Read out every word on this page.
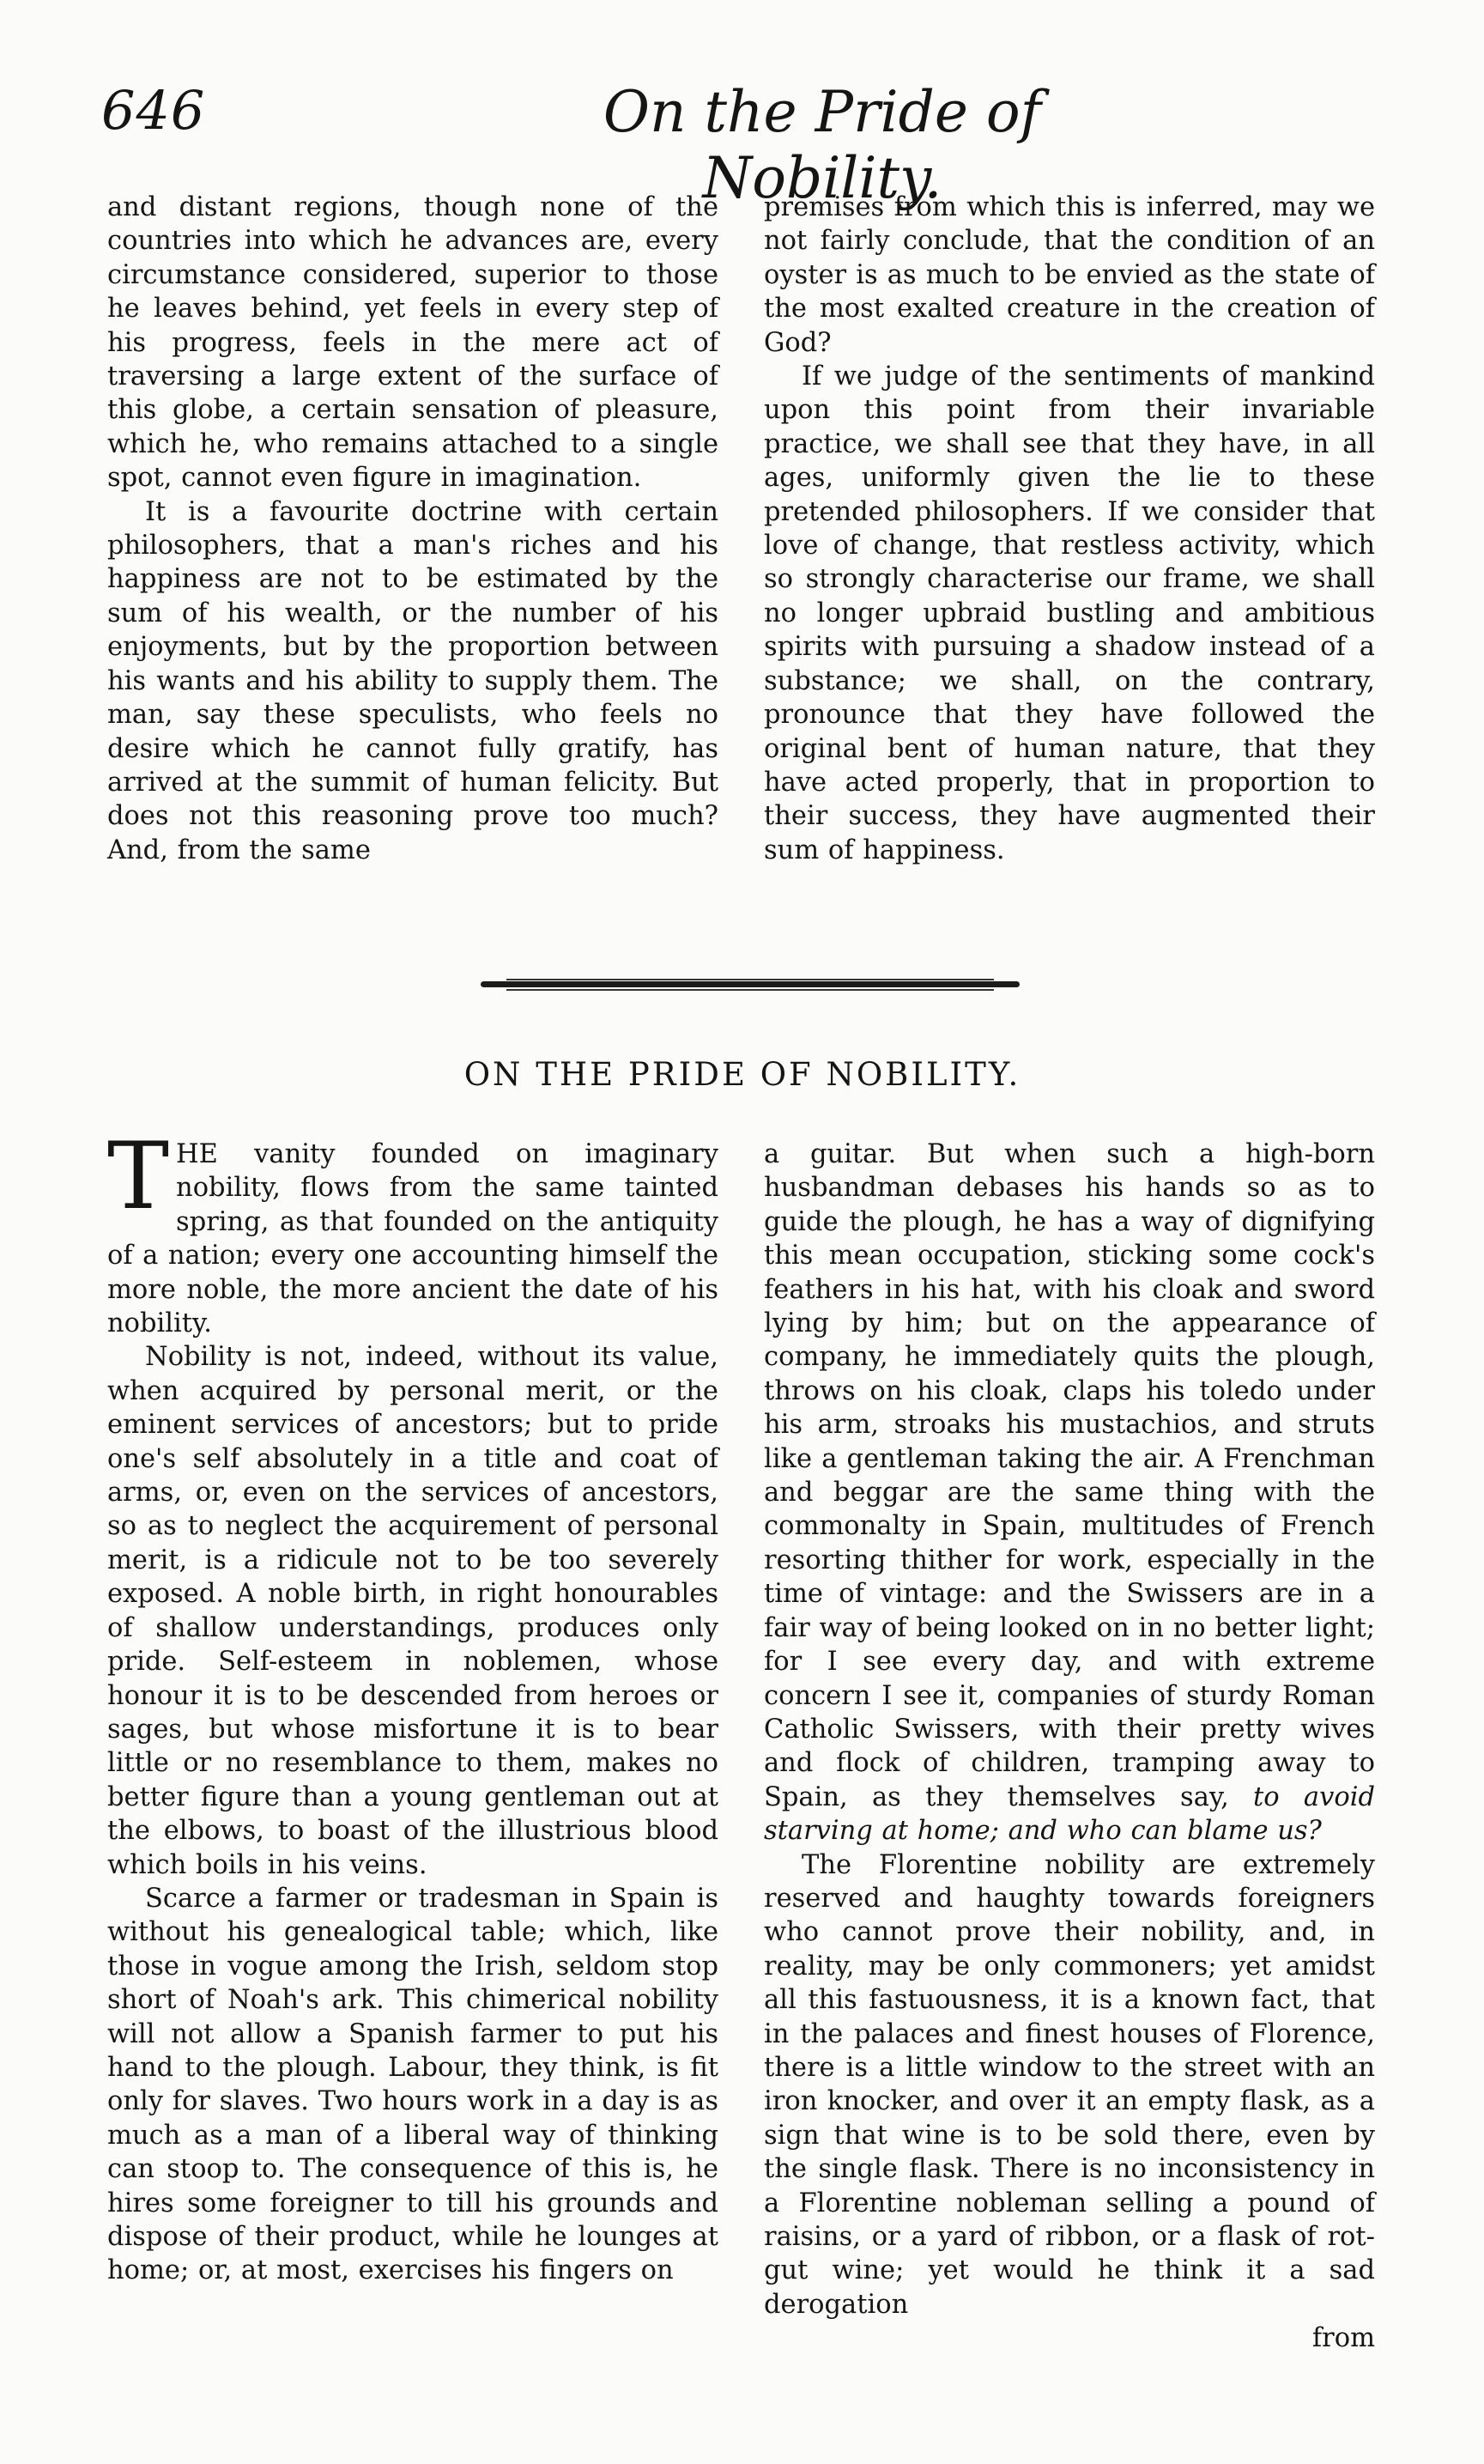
646	On the Pride of Nobility.

and distant regions, though none of the countries into which he advances are, every circumstance considered, superior to those he leaves behind, yet feels in every step of his progress, feels in the mere act of traversing a large extent of the surface of this globe, a certain sensation of pleasure, which he, who remains attached to a single spot, cannot even figure in imagination.

It is a favourite doctrine with certain philosophers, that a man's riches and his happiness are not to be estimated by the sum of his wealth, or the number of his enjoyments, but by the proportion between his wants and his ability to supply them. The man, say these speculists, who feels no desire which he cannot fully gratify, has arrived at the summit of human felicity. But does not this reasoning prove too much? And, from the same

premises from which this is inferred, may we not fairly conclude, that the condition of an oyster is as much to be envied as the state of the most exalted creature in the creation of God?

If we judge of the sentiments of mankind upon this point from their invariable practice, we shall see that they have, in all ages, uniformly given the lie to these pretended philosophers. If we consider that love of change, that restless activity, which so strongly characterise our frame, we shall no longer upbraid bustling and ambitious spirits with pursuing a shadow instead of a substance; we shall, on the contrary, pronounce that they have followed the original bent of human nature, that they have acted properly, that in proportion to their success, they have augmented their sum of happiness.

ON THE PRIDE OF NOBILITY.

THE vanity founded on imaginary nobility, flows from the same tainted spring, as that founded on the antiquity of a nation; every one accounting himself the more noble, the more ancient the date of his nobility.

Nobility is not, indeed, without its value, when acquired by personal merit, or the eminent services of ancestors; but to pride one's self absolutely in a title and coat of arms, or, even on the services of ancestors, so as to neglect the acquirement of personal merit, is a ridicule not to be too severely exposed. A noble birth, in right honourables of shallow understandings, produces only pride. Self-esteem in noblemen, whose honour it is to be descended from heroes or sages, but whose misfortune it is to bear little or no resemblance to them, makes no better figure than a young gentleman out at the elbows, to boast of the illustrious blood which boils in his veins.

Scarce a farmer or tradesman in Spain is without his genealogical table; which, like those in vogue among the Irish, seldom stop short of Noah's ark. This chimerical nobility will not allow a Spanish farmer to put his hand to the plough. Labour, they think, is fit only for slaves. Two hours work in a day is as much as a man of a liberal way of thinking can stoop to. The consequence of this is, he hires some foreigner to till his grounds and dispose of their product, while he lounges at home; or, at most, exercises his fingers on

a guitar. But when such a high-born husbandman debases his hands so as to guide the plough, he has a way of dignifying this mean occupation, sticking some cock's feathers in his hat, with his cloak and sword lying by him; but on the appearance of company, he immediately quits the plough, throws on his cloak, claps his toledo under his arm, stroaks his mustachios, and struts like a gentleman taking the air. A Frenchman and beggar are the same thing with the commonalty in Spain, multitudes of French resorting thither for work, especially in the time of vintage: and the Swissers are in a fair way of being looked on in no better light; for I see every day, and with extreme concern I see it, companies of sturdy Roman Catholic Swissers, with their pretty wives and flock of children, tramping away to Spain, as they themselves say, to avoid starving at home; and who can blame us?

The Florentine nobility are extremely reserved and haughty towards foreigners who cannot prove their nobility, and, in reality, may be only commoners; yet amidst all this fastuousness, it is a known fact, that in the palaces and finest houses of Florence, there is a little window to the street with an iron knocker, and over it an empty flask, as a sign that wine is to be sold there, even by the single flask. There is no inconsistency in a Florentine nobleman selling a pound of raisins, or a yard of ribbon, or a flask of rot-gut wine; yet would he think it a sad derogation

from
